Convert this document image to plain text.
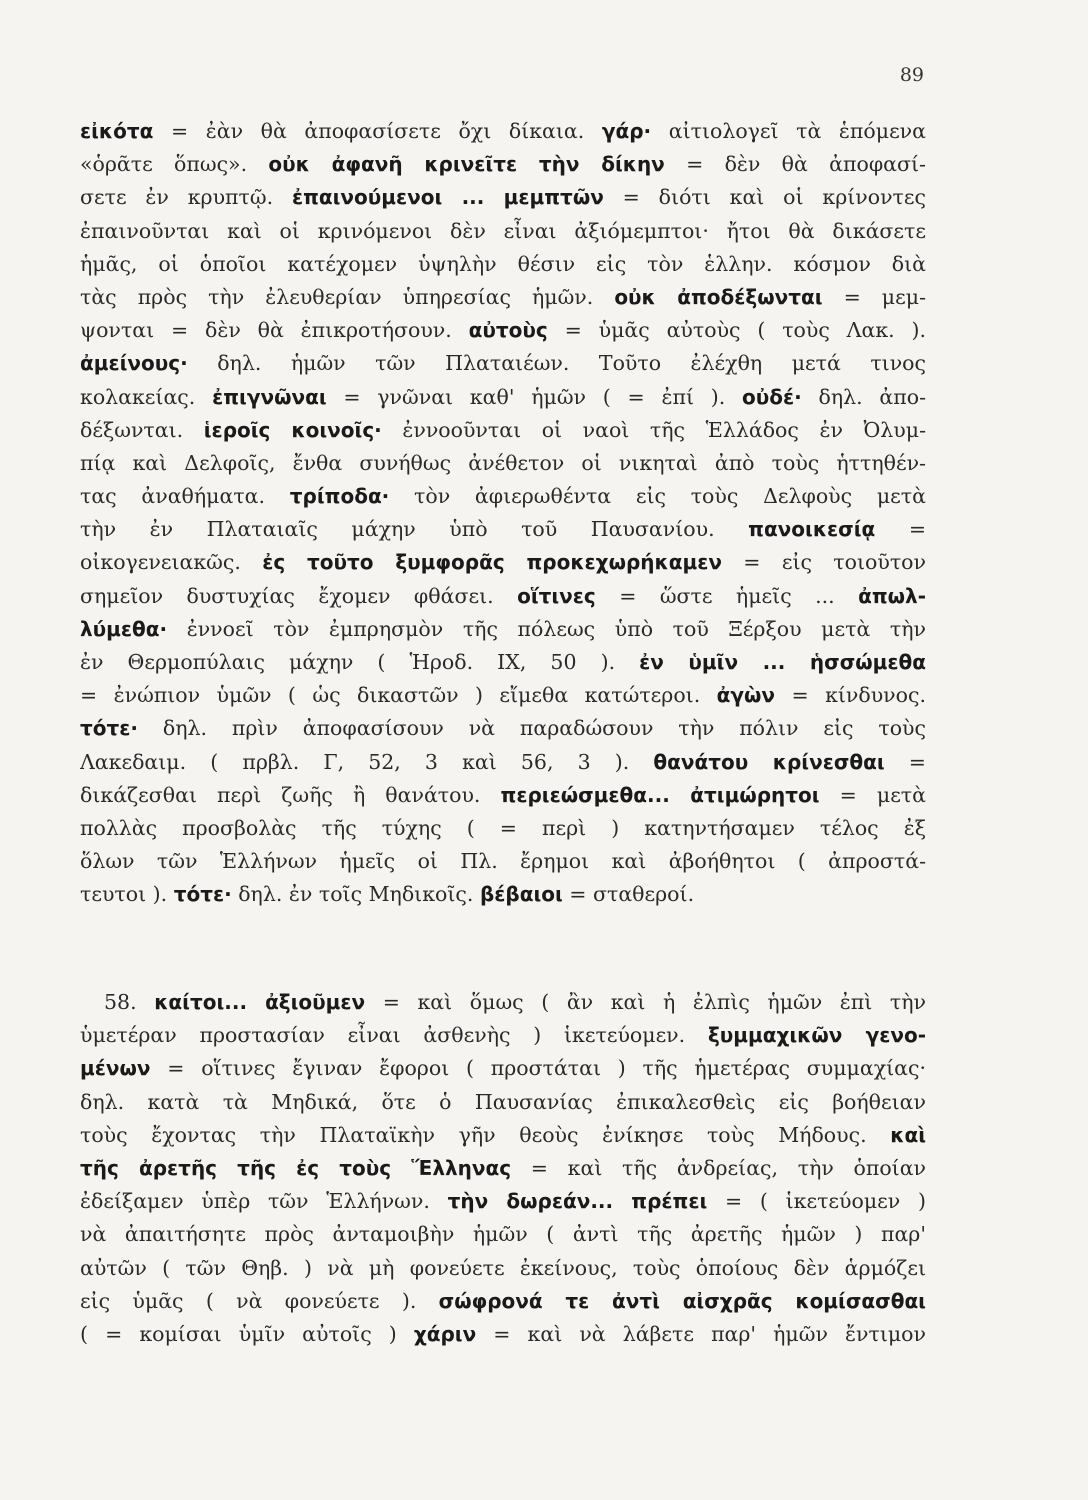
89
εἰκότα = ἐὰν θὰ ἀποφασίσετε ὄχι δίκαια. γάρ· αἰτιολογεῖ τὰ ἑπόμενα
«ὁρᾶτε ὅπως». οὐκ ἀφανῆ κρινεῖτε τὴν δίκην = δὲν θὰ ἀποφασί-
σετε ἐν κρυπτῷ. ἐπαινούμενοι ... μεμπτῶν = διότι καὶ οἱ κρίνοντες
ἐπαινοῦνται καὶ οἱ κρινόμενοι δὲν εἶναι ἀξιόμεμπτοι· ἤτοι θὰ δικάσετε
ἡμᾶς, οἱ ὁποῖοι κατέχομεν ὑψηλὴν θέσιν εἰς τὸν ἑλλην. κόσμον διὰ
τὰς πρὸς τὴν ἐλευθερίαν ὑπηρεσίας ἡμῶν. οὐκ ἀποδέξωνται = μεμ-
ψονται = δὲν θὰ ἐπικροτήσουν. αὐτοὺς = ὑμᾶς αὐτοὺς ( τοὺς Λακ. ).
ἀμείνους· δηλ. ἡμῶν τῶν Πλαταιέων. Τοῦτο ἐλέχθη μετά τινος
κολακείας. ἐπιγνῶναι = γνῶναι καθ' ἡμῶν ( = ἐπί ). οὐδέ· δηλ. ἀπο-
δέξωνται. ἱεροῖς κοινοῖς· ἐννοοῦνται οἱ ναοὶ τῆς Ἑλλάδος ἐν Ὀλυμ-
πίᾳ καὶ Δελφοῖς, ἔνθα συνήθως ἀνέθετον οἱ νικηταὶ ἀπὸ τοὺς ἡττηθέν-
τας ἀναθήματα. τρίποδα· τὸν ἀφιερωθέντα εἰς τοὺς Δελφοὺς μετὰ
τὴν ἐν Πλαταιαῖς μάχην ὑπὸ τοῦ Παυσανίου. πανοικεσίᾳ =
οἰκογενειακῶς. ἐς τοῦτο ξυμφορᾶς προκεχωρήκαμεν = εἰς τοιοῦτον
σημεῖον δυστυχίας ἔχομεν φθάσει. οἵτινες = ὥστε ἡμεῖς ... ἀπωλ-
λύμεθα· ἐννοεῖ τὸν ἐμπρησμὸν τῆς πόλεως ὑπὸ τοῦ Ξέρξου μετὰ τὴν
ἐν Θερμοπύλαις μάχην ( Ἡροδ. ΙΧ, 50 ). ἐν ὑμῖν ... ἡσσώμεθα
= ἐνώπιον ὑμῶν ( ὡς δικαστῶν ) εἴμεθα κατώτεροι. ἀγὼν = κίνδυνος.
τότε· δηλ. πρὶν ἀποφασίσουν νὰ παραδώσουν τὴν πόλιν εἰς τοὺς
Λακεδαιμ. ( πρβλ. Γ, 52, 3 καὶ 56, 3 ). θανάτου κρίνεσθαι =
δικάζεσθαι περὶ ζωῆς ἢ θανάτου. περιεώσμεθα... ἀτιμώρητοι = μετὰ
πολλὰς προσβολὰς τῆς τύχης ( = περὶ ) κατηντήσαμεν τέλος ἐξ
ὅλων τῶν Ἑλλήνων ἡμεῖς οἱ Πλ. ἔρημοι καὶ ἀβοήθητοι ( ἀπροστά-
τευτοι ). τότε· δηλ. ἐν τοῖς Μηδικοῖς. βέβαιοι = σταθεροί.
58. καίτοι... ἀξιοῦμεν = καὶ ὅμως ( ἂν καὶ ἡ ἐλπὶς ἡμῶν ἐπὶ τὴν
ὑμετέραν προστασίαν εἶναι ἀσθενὴς ) ἱκετεύομεν. ξυμμαχικῶν γενο-
μένων = οἵτινες ἔγιναν ἔφοροι ( προστάται ) τῆς ἡμετέρας συμμαχίας·
δηλ. κατὰ τὰ Μηδικά, ὅτε ὁ Παυσανίας ἐπικαλεσθεὶς εἰς βοήθειαν
τοὺς ἔχοντας τὴν Πλαταϊκὴν γῆν θεοὺς ἐνίκησε τοὺς Μήδους. καὶ
τῆς ἀρετῆς τῆς ἐς τοὺς Ἕλληνας = καὶ τῆς ἀνδρείας, τὴν ὁποίαν
ἐδείξαμεν ὑπὲρ τῶν Ἑλλήνων. τὴν δωρεάν... πρέπει = ( ἱκετεύομεν )
νὰ ἀπαιτήσητε πρὸς ἀνταμοιβὴν ἡμῶν ( ἀντὶ τῆς ἀρετῆς ἡμῶν ) παρ'
αὐτῶν ( τῶν Θηβ. ) νὰ μὴ φονεύετε ἐκείνους, τοὺς ὁποίους δὲν ἁρμόζει
εἰς ὑμᾶς ( νὰ φονεύετε ). σώφρονά τε ἀντὶ αἰσχρᾶς κομίσασθαι
( = κομίσαι ὑμῖν αὐτοῖς ) χάριν = καὶ νὰ λάβετε παρ' ἡμῶν ἔντιμον
